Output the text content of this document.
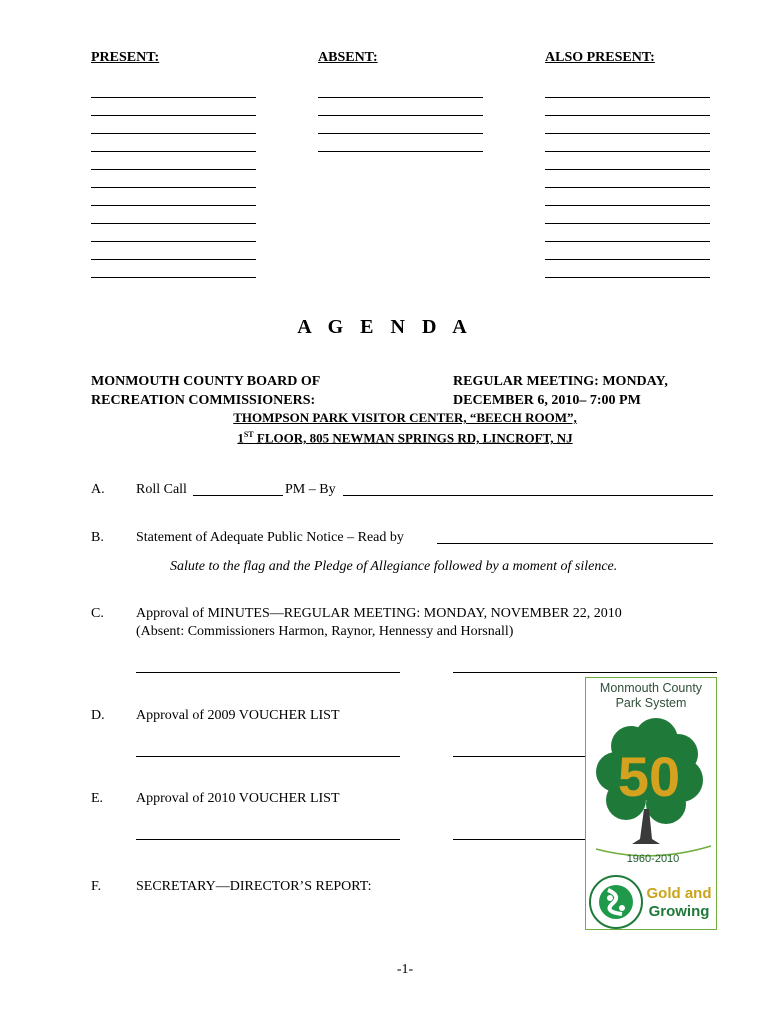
PRESENT:	ABSENT:	ALSO PRESENT:
A G E N D A
MONMOUTH COUNTY BOARD OF
RECREATION COMMISSIONERS:
REGULAR MEETING: MONDAY,
DECEMBER 6, 2010– 7:00 PM
THOMPSON PARK VISITOR CENTER, “BEECH ROOM”,
1ST FLOOR, 805 NEWMAN SPRINGS RD, LINCROFT, NJ
A. Roll Call	PM – By
B. Statement of Adequate Public Notice – Read by
Salute to the flag and the Pledge of Allegiance followed by a moment of silence.
C. Approval of MINUTES—REGULAR MEETING: MONDAY, NOVEMBER 22, 2010
(Absent: Commissioners Harmon, Raynor, Hennessy and Horsnall)
D. Approval of 2009 VOUCHER LIST
E. Approval of 2010 VOUCHER LIST
F. SECRETARY—DIRECTOR’S REPORT:
Monmouth County
Park System
50
1960-2010
Gold and
Growing
-1-
